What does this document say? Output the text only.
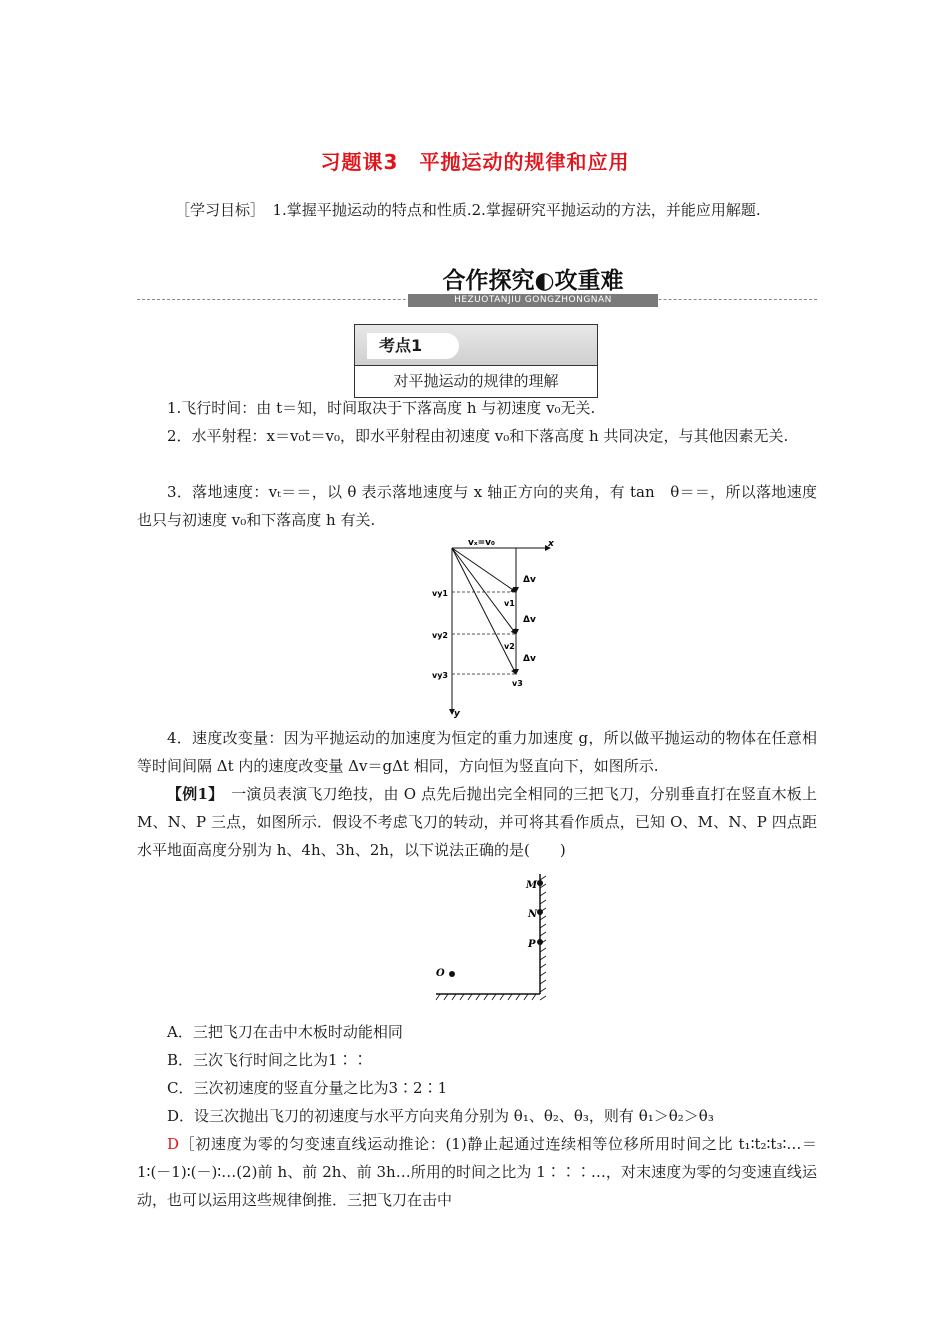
习题课3　平抛运动的规律和应用
［学习目标］　1.掌握平抛运动的特点和性质.2.掌握研究平抛运动的方法，并能应用解题.
合作探究◐攻重难
HEZUOTANJIU GONGZHONGNAN
考点1
对平抛运动的规律的理解
1.飞行时间：由 t＝知，时间取决于下落高度 h 与初速度 v₀无关.
2．水平射程：x＝v₀t＝v₀，即水平射程由初速度 v₀和下落高度 h 共同决定，与其他因素无关.
3．落地速度：vₜ＝＝，以 θ 表示落地速度与 x 轴正方向的夹角，有 tan　θ＝＝，所以落地速度也只与初速度 v₀和下落高度 h 有关.
vₓ=v₀	x
y
vy1
vy2
vy3
v1
v2
v3
Δv
Δv
Δv
4．速度改变量：因为平抛运动的加速度为恒定的重力加速度 g，所以做平抛运动的物体在任意相等时间间隔 Δt 内的速度改变量 Δv＝gΔt 相同，方向恒为竖直向下，如图所示.
【例1】　一演员表演飞刀绝技，由 O 点先后抛出完全相同的三把飞刀，分别垂直打在竖直木板上 M、N、P 三点，如图所示．假设不考虑飞刀的转动，并可将其看作质点，已知 O、M、N、P 四点距水平地面高度分别为 h、4h、3h、2h，以下说法正确的是(　　)
M
N
P
O
A．三把飞刀在击中木板时动能相同
B．三次飞行时间之比为1∶∶
C．三次初速度的竖直分量之比为3∶2∶1
D．设三次抛出飞刀的初速度与水平方向夹角分别为 θ₁、θ₂、θ₃，则有 θ₁＞θ₂＞θ₃
D［初速度为零的匀变速直线运动推论：(1)静止起通过连续相等位移所用时间之比 t₁∶t₂∶t₃∶…＝1∶(－1)∶(－)∶…(2)前 h、前 2h、前 3h…所用的时间之比为 1∶∶∶…，对末速度为零的匀变速直线运动，也可以运用这些规律倒推．三把飞刀在击中
